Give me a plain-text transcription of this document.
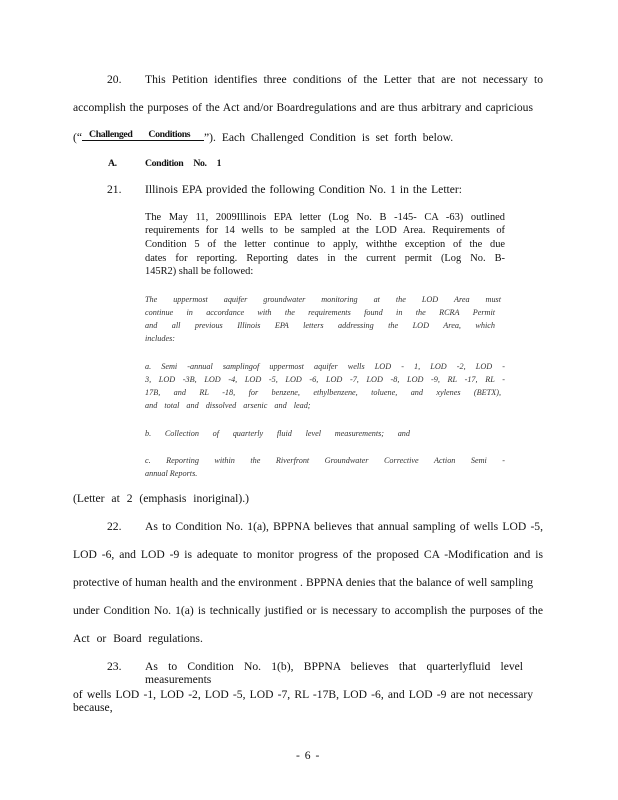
20. This Petition identifies three conditions of the Letter that are not necessary to
accomplish the purposes of the Act and/or Boardregulations and are thus arbitrary and capricious
(“ Challenged Conditions ”). Each Challenged Condition is set forth below.
A.	Condition No. 1
21. Illinois EPA provided the following Condition No. 1 in the Letter:
The May 11, 2009Illinois EPA letter (Log No. B -145- CA -63) outlined
requirements for 14 wells to be sampled at the LOD Area. Requirements of
Condition 5 of the letter continue to apply, withthe exception of the due
dates for reporting. Reporting dates in the current permit (Log No. B-
145R2) shall be followed:
The uppermost aquifer groundwater monitoring at the LOD Area must
continue in accordance with the requirements found in the RCRA Permit
and all previous Illinois EPA letters addressing the LOD Area, which
includes:
a. Semi -annual samplingof uppermost aquifer wells LOD - 1, LOD -2, LOD -
3, LOD -3B, LOD -4, LOD -5, LOD -6, LOD -7, LOD -8, LOD -9, RL -17, RL -
17B, and RL -18, for benzene, ethylbenzene, toluene, and xylenes (BETX),
and total and dissolved arsenic and lead;
b. Collection of quarterly fluid level measurements; and
c. Reporting within the Riverfront Groundwater Corrective Action Semi -
annual Reports.
(Letter at 2 (emphasis inoriginal).)
22. As to Condition No. 1(a), BPPNA believes that annual sampling of wells LOD -5,
LOD -6, and LOD -9 is adequate to monitor progress of the proposed CA -Modification and is
protective of human health and the environment . BPPNA denies that the balance of well sampling
under Condition No. 1(a) is technically justified or is necessary to accomplish the purposes of the
Act or Board regulations.
23. As to Condition No. 1(b), BPPNA believes that quarterlyfluid level measurements
of wells LOD -1, LOD -2, LOD -5, LOD -7, RL -17B, LOD -6, and LOD -9 are not necessary because,
- 6 -
